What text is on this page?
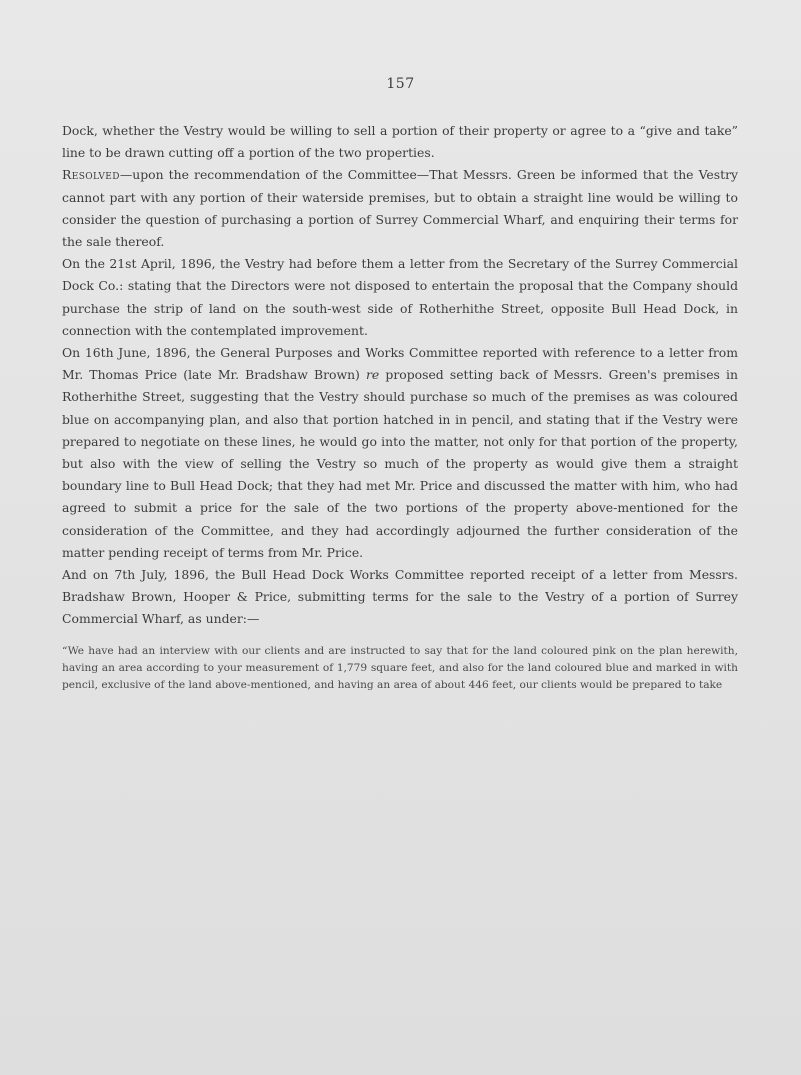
157

Dock, whether the Vestry would be willing to sell a portion of their property or agree to a “give and take” line to be drawn cutting off a portion of the two properties.

Resolved—upon the recommendation of the Committee—That Messrs. Green be informed that the Vestry cannot part with any portion of their waterside premises, but to obtain a straight line would be willing to consider the question of purchasing a portion of Surrey Commercial Wharf, and enquiring their terms for the sale thereof.

On the 21st April, 1896, the Vestry had before them a letter from the Secretary of the Surrey Commercial Dock Co.: stating that the Directors were not disposed to entertain the proposal that the Company should purchase the strip of land on the south-west side of Rotherhithe Street, opposite Bull Head Dock, in connection with the contemplated improvement.

On 16th June, 1896, the General Purposes and Works Committee reported with reference to a letter from Mr. Thomas Price (late Mr. Bradshaw Brown) re proposed setting back of Messrs. Green's premises in Rotherhithe Street, suggesting that the Vestry should purchase so much of the premises as was coloured blue on accompanying plan, and also that portion hatched in in pencil, and stating that if the Vestry were prepared to negotiate on these lines, he would go into the matter, not only for that portion of the property, but also with the view of selling the Vestry so much of the property as would give them a straight boundary line to Bull Head Dock; that they had met Mr. Price and discussed the matter with him, who had agreed to submit a price for the sale of the two portions of the property above-mentioned for the consideration of the Committee, and they had accordingly adjourned the further consideration of the matter pending receipt of terms from Mr. Price.

And on 7th July, 1896, the Bull Head Dock Works Committee reported receipt of a letter from Messrs. Bradshaw Brown, Hooper & Price, submitting terms for the sale to the Vestry of a portion of Surrey Commercial Wharf, as under:—

“We have had an interview with our clients and are instructed to say that for the land coloured pink on the plan herewith, having an area according to your measurement of 1,779 square feet, and also for the land coloured blue and marked in with pencil, exclusive of the land above-mentioned, and having an area of about 446 feet, our clients would be prepared to take
